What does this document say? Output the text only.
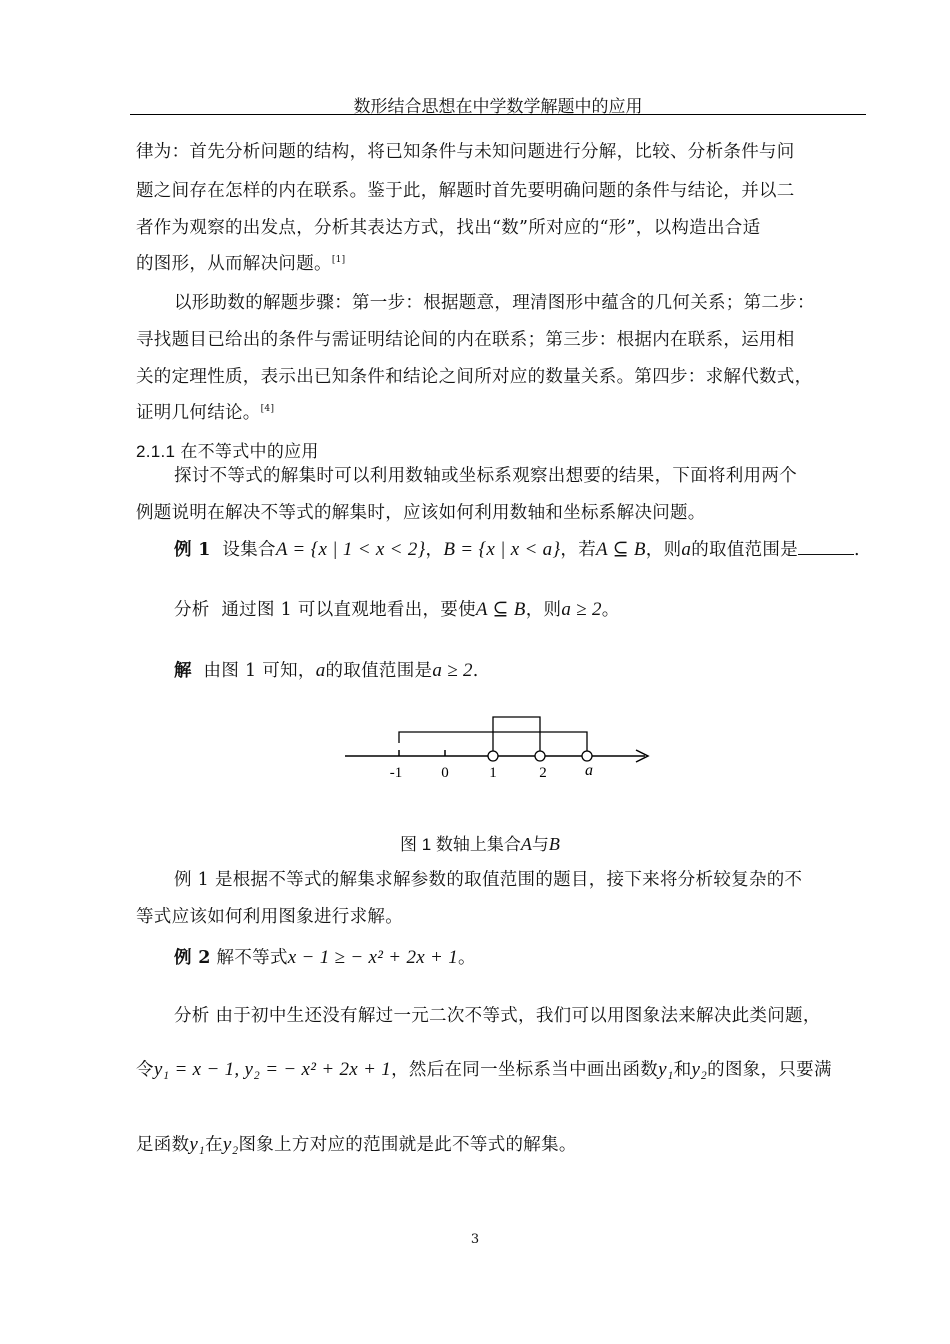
数形结合思想在中学数学解题中的应用
律为：首先分析问题的结构，将已知条件与未知问题进行分解，比较、分析条件与问
题之间存在怎样的内在联系。鉴于此，解题时首先要明确问题的条件与结论，并以二
者作为观察的出发点，分析其表达方式，找出“数”所对应的“形”，以构造出合适
的图形，从而解决问题。[1]
以形助数的解题步骤：第一步：根据题意，理清图形中蕴含的几何关系；第二步：
寻找题目已给出的条件与需证明结论间的内在联系；第三步：根据内在联系，运用相
关的定理性质，表示出已知条件和结论之间所对应的数量关系。第四步：求解代数式，
证明几何结论。[4]
2.1.1 在不等式中的应用
探讨不等式的解集时可以利用数轴或坐标系观察出想要的结果，下面将利用两个
例题说明在解决不等式的解集时，应该如何利用数轴和坐标系解决问题。
例 1 设集合A = {x | 1 < x < 2}，B = {x | x < a}，若A ⊆ B，则a的取值范围是	.
分析 通过图 1 可以直观地看出，要使A ⊆ B，则a ≥ 2。
解 由图 1 可知，a的取值范围是a ≥ 2.
-1	0	1	2 a
图 1 数轴上集合A与B
例 1 是根据不等式的解集求解参数的取值范围的题目，接下来将分析较复杂的不
等式应该如何利用图象进行求解。
例 2 解不等式x − 1 ≥ − x² + 2x + 1。
分析 由于初中生还没有解过一元二次不等式，我们可以用图象法来解决此类问题，
令y₁ = x − 1, y₂ = − x² + 2x + 1，然后在同一坐标系当中画出函数y₁和y₂的图象，只要满
足函数y₁在y₂图象上方对应的范围就是此不等式的解集。
3
